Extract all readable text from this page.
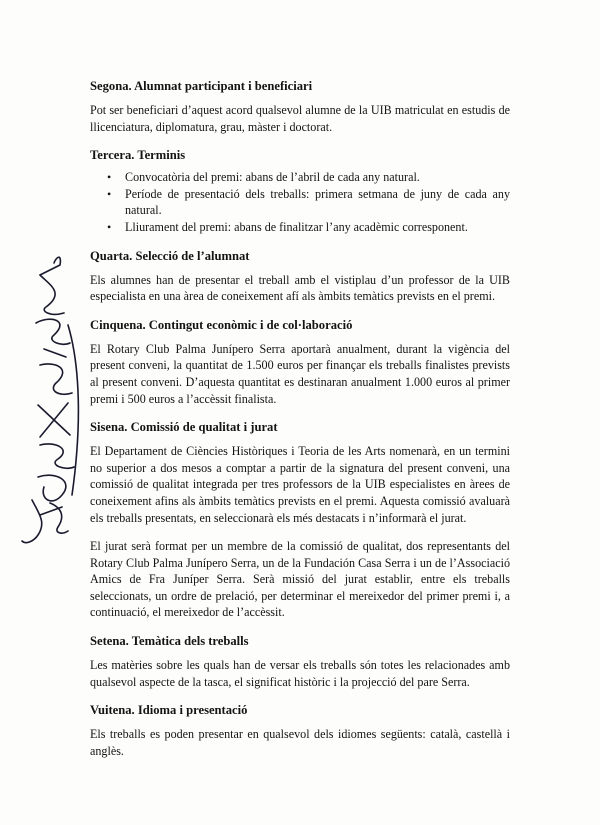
Segona. Alumnat participant i beneficiari

Pot ser beneficiari d’aquest acord qualsevol alumne de la UIB matriculat en estudis de llicenciatura, diplomatura, grau, màster i doctorat.

Tercera. Terminis
• Convocatòria del premi: abans de l’abril de cada any natural.
• Període de presentació dels treballs: primera setmana de juny de cada any natural.
• Lliurament del premi: abans de finalitzar l’any acadèmic corresponent.
Quarta. Selecció de l’alumnat

Els alumnes han de presentar el treball amb el vistiplau d’un professor de la UIB especialista en una àrea de coneixement afí als àmbits temàtics prevists en el premi.

Cinquena. Contingut econòmic i de col·laboració

El Rotary Club Palma Junípero Serra aportarà anualment, durant la vigència del present conveni, la quantitat de 1.500 euros per finançar els treballs finalistes prevists al present conveni. D’aquesta quantitat es destinaran anualment 1.000 euros al primer premi i 500 euros a l’accèssit finalista.

Sisena. Comissió de qualitat i jurat

El Departament de Ciències Històriques i Teoria de les Arts nomenarà, en un termini no superior a dos mesos a comptar a partir de la signatura del present conveni, una comissió de qualitat integrada per tres professors de la UIB especialistes en àrees de coneixement afins als àmbits temàtics prevists en el premi. Aquesta comissió avaluarà els treballs presentats, en seleccionarà els més destacats i n’informarà el jurat.

El jurat serà format per un membre de la comissió de qualitat, dos representants del Rotary Club Palma Junípero Serra, un de la Fundación Casa Serra i un de l’Associació Amics de Fra Juníper Serra. Serà missió del jurat establir, entre els treballs seleccionats, un ordre de prelació, per determinar el mereixedor del primer premi i, a continuació, el mereixedor de l’accèssit.

Setena. Temàtica dels treballs

Les matèries sobre les quals han de versar els treballs són totes les relacionades amb qualsevol aspecte de la tasca, el significat històric i la projecció del pare Serra.

Vuitena. Idioma i presentació

Els treballs es poden presentar en qualsevol dels idiomes següents: català, castellà i anglès.
